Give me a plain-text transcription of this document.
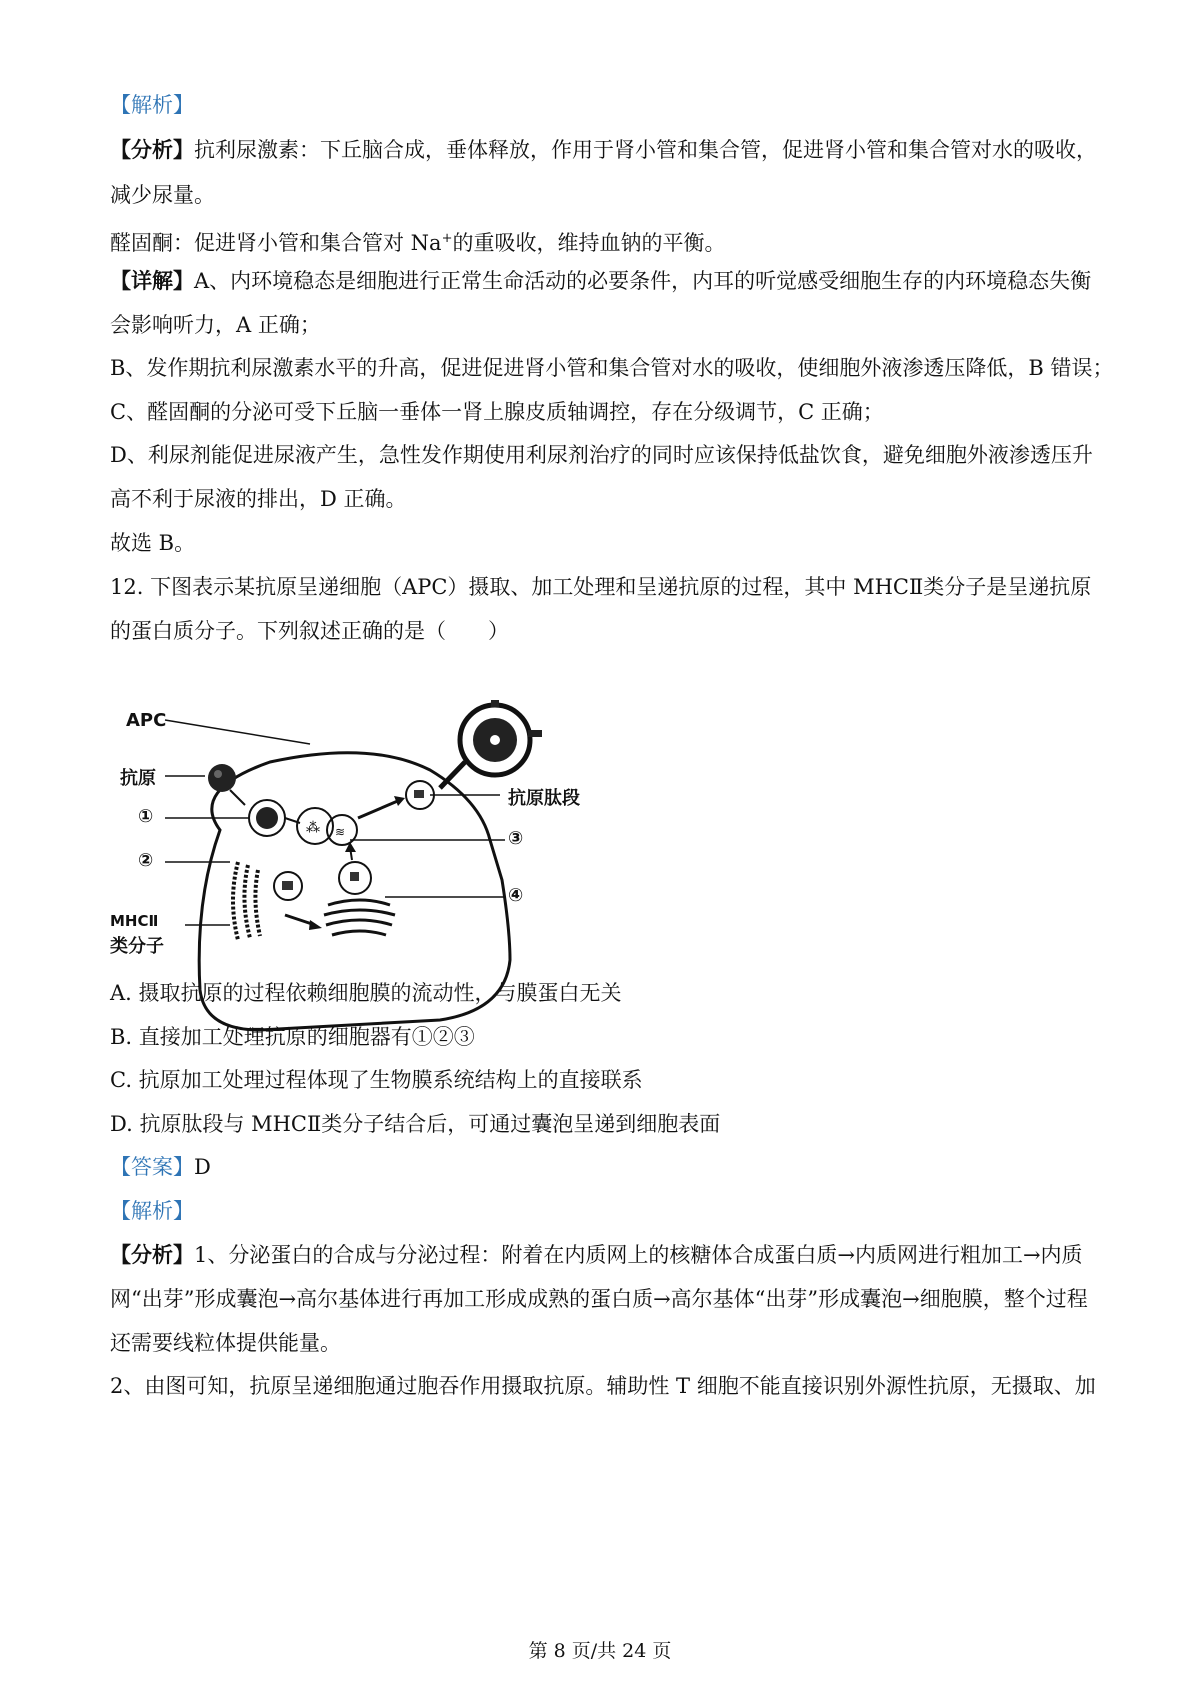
【解析】
【分析】抗利尿激素：下丘脑合成，垂体释放，作用于肾小管和集合管，促进肾小管和集合管对水的吸收，
减少尿量。
醛固酮：促进肾小管和集合管对 Na+的重吸收，维持血钠的平衡。
【详解】A、内环境稳态是细胞进行正常生命活动的必要条件，内耳的听觉感受细胞生存的内环境稳态失衡
会影响听力，A 正确；
B、发作期抗利尿激素水平的升高，促进促进肾小管和集合管对水的吸收，使细胞外液渗透压降低，B 错误；
C、醛固酮的分泌可受下丘脑一垂体一肾上腺皮质轴调控，存在分级调节，C 正确；
D、利尿剂能促进尿液产生，急性发作期使用利尿剂治疗的同时应该保持低盐饮食，避免细胞外液渗透压升
高不利于尿液的排出，D 正确。
故选 B。
12. 下图表示某抗原呈递细胞（APC）摄取、加工处理和呈递抗原的过程，其中 MHCⅡ类分子是呈递抗原
的蛋白质分子。下列叙述正确的是（　　）
⁂ ≋
APC
抗原
①
②
MHCⅡ
类分子
抗原肽段
③
④
A. 摄取抗原的过程依赖细胞膜的流动性，与膜蛋白无关
B. 直接加工处理抗原的细胞器有①②③
C. 抗原加工处理过程体现了生物膜系统结构上的直接联系
D. 抗原肽段与 MHCⅡ类分子结合后，可通过囊泡呈递到细胞表面
【答案】D
【解析】
【分析】1、分泌蛋白的合成与分泌过程：附着在内质网上的核糖体合成蛋白质→内质网进行粗加工→内质
网“出芽”形成囊泡→高尔基体进行再加工形成成熟的蛋白质→高尔基体“出芽”形成囊泡→细胞膜，整个过程
还需要线粒体提供能量。
2、由图可知，抗原呈递细胞通过胞吞作用摄取抗原。辅助性 T 细胞不能直接识别外源性抗原，无摄取、加
第 8 页/共 24 页
